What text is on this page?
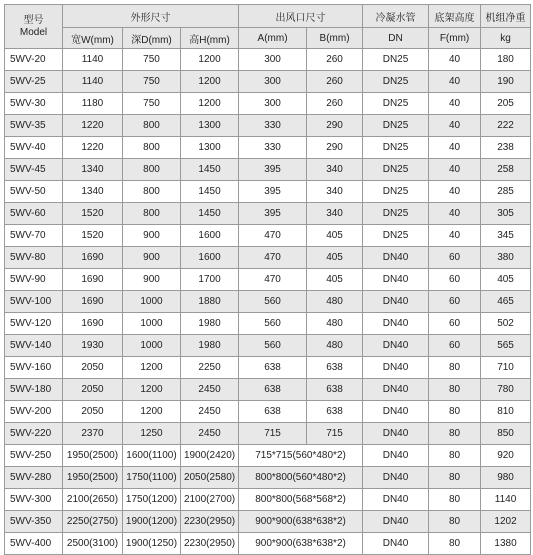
型号
Model	外形尺寸			出风口尺寸		冷凝水管	底架高度	机组净重
	宽W(mm)	深D(mm)	高H(mm)	A(mm)	B(mm)	DN	F(mm)	kg
5WV-20	1140	750	1200	300	260	DN25	40	180
5WV-25	1140	750	1200	300	260	DN25	40	190
5WV-30	1180	750	1200	300	260	DN25	40	205
5WV-35	1220	800	1300	330	290	DN25	40	222
5WV-40	1220	800	1300	330	290	DN25	40	238
5WV-45	1340	800	1450	395	340	DN25	40	258
5WV-50	1340	800	1450	395	340	DN25	40	285
5WV-60	1520	800	1450	395	340	DN25	40	305
5WV-70	1520	900	1600	470	405	DN25	40	345
5WV-80	1690	900	1600	470	405	DN40	60	380
5WV-90	1690	900	1700	470	405	DN40	60	405
5WV-100	1690	1000	1880	560	480	DN40	60	465
5WV-120	1690	1000	1980	560	480	DN40	60	502
5WV-140	1930	1000	1980	560	480	DN40	60	565
5WV-160	2050	1200	2250	638	638	DN40	80	710
5WV-180	2050	1200	2450	638	638	DN40	80	780
5WV-200	2050	1200	2450	638	638	DN40	80	810
5WV-220	2370	1250	2450	715	715	DN40	80	850
5WV-250	1950(2500)	1600(1100)	1900(2420)	715*715(560*480*2)		DN40	80	920
5WV-280	1950(2500)	1750(1100)	2050(2580)	800*800(560*480*2)		DN40	80	980
5WV-300	2100(2650)	1750(1200)	2100(2700)	800*800(568*568*2)		DN40	80	1140
5WV-350	2250(2750)	1900(1200)	2230(2950)	900*900(638*638*2)		DN40	80	1202
5WV-400	2500(3100)	1900(1250)	2230(2950)	900*900(638*638*2)		DN40	80	1380
